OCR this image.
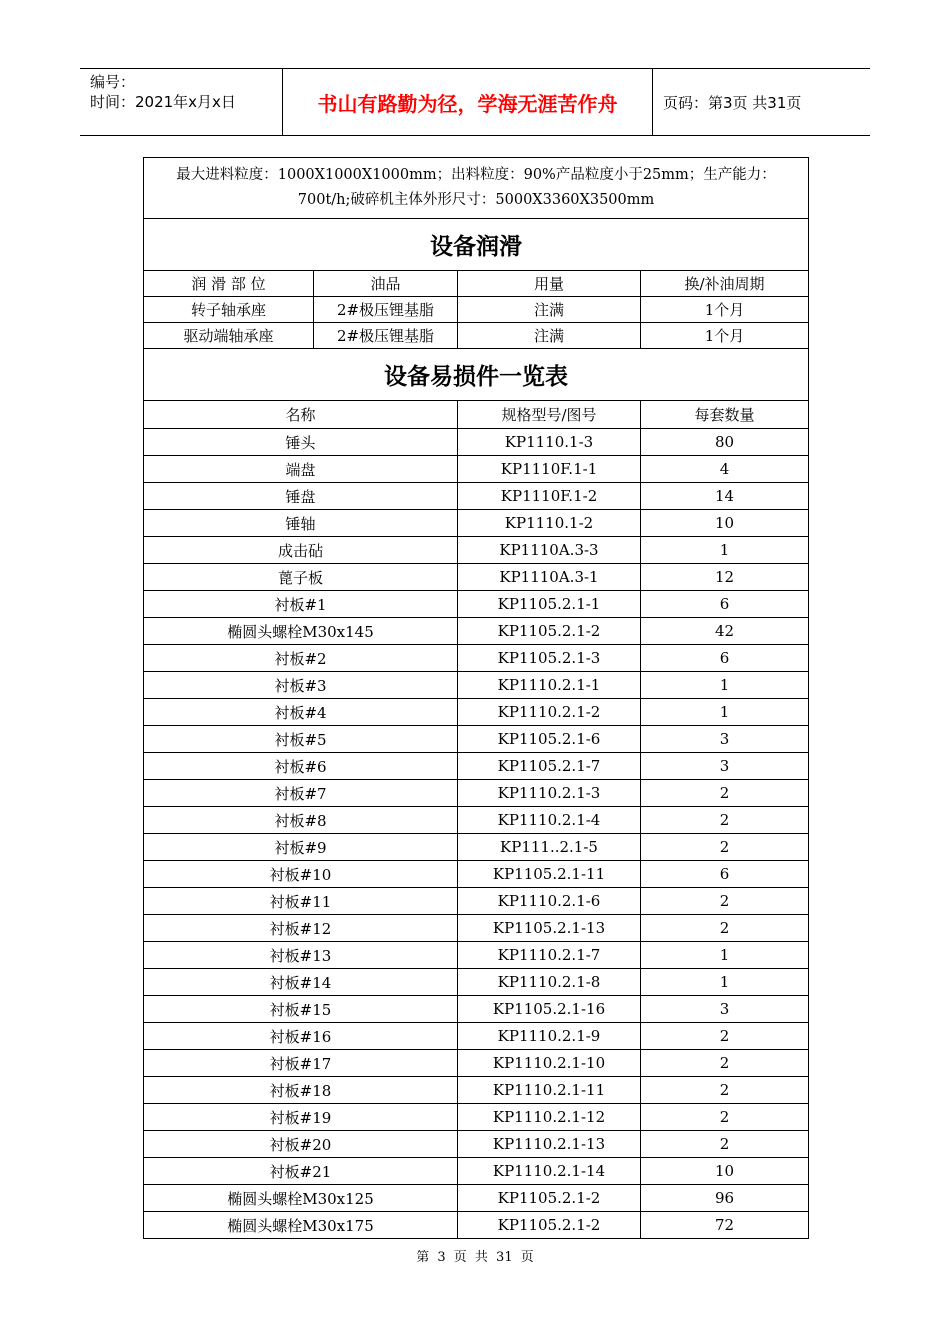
编号：
时间：2021年x月x日	书山有路勤为径，学海无涯苦作舟	页码：第3页 共31页
最大进料粒度：1000X1000X1000mm；出料粒度：90%产品粒度小于25mm；生产能力：
700t/h;破碎机主体外形尺寸：5000X3360X3500mm			

设备润滑			
润 滑 部 位	油品	用量	换/补油周期
转子轴承座	2#极压锂基脂	注满	1个月
驱动端轴承座	2#极压锂基脂	注满	1个月
设备易损件一览表			
名称		规格型号/图号	每套数量
锤头		KP1110.1-3	80
端盘		KP1110F.1-1	4
锤盘		KP1110F.1-2	14
锤轴		KP1110.1-2	10
成击砧		KP1110A.3-3	1
蓖子板		KP1110A.3-1	12
衬板#1		KP1105.2.1-1	6
椭圆头螺栓M30x145		KP1105.2.1-2	42
衬板#2		KP1105.2.1-3	6
衬板#3		KP1110.2.1-1	1
衬板#4		KP1110.2.1-2	1
衬板#5		KP1105.2.1-6	3
衬板#6		KP1105.2.1-7	3
衬板#7		KP1110.2.1-3	2
衬板#8		KP1110.2.1-4	2
衬板#9		KP111..2.1-5	2
衬板#10		KP1105.2.1-11	6
衬板#11		KP1110.2.1-6	2
衬板#12		KP1105.2.1-13	2
衬板#13		KP1110.2.1-7	1
衬板#14		KP1110.2.1-8	1
衬板#15		KP1105.2.1-16	3
衬板#16		KP1110.2.1-9	2
衬板#17		KP1110.2.1-10	2
衬板#18		KP1110.2.1-11	2
衬板#19		KP1110.2.1-12	2
衬板#20		KP1110.2.1-13	2
衬板#21		KP1110.2.1-14	10
椭圆头螺栓M30x125		KP1105.2.1-2	96
椭圆头螺栓M30x175		KP1105.2.1-2	72
第 3 页 共 31 页
